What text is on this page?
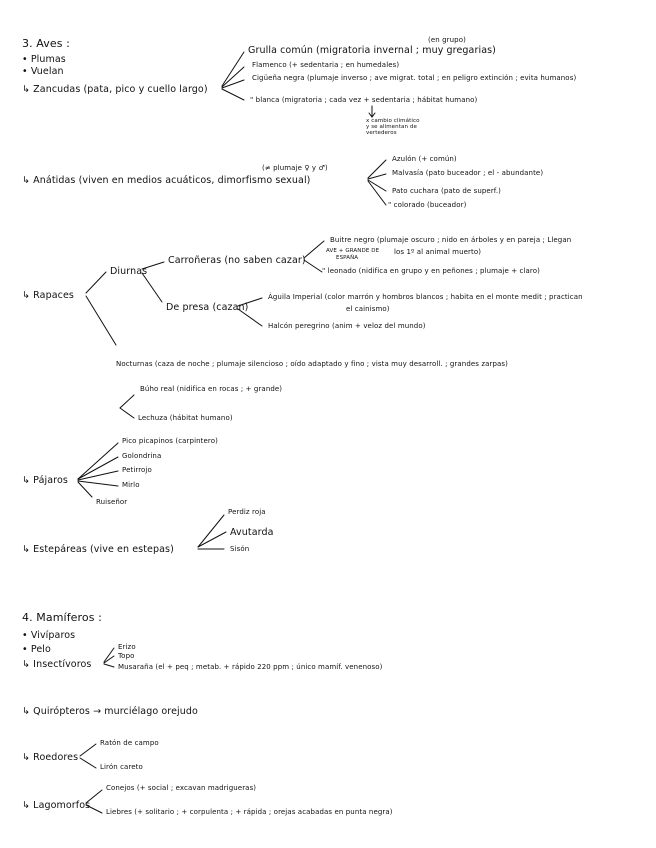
3. Aves :
• Plumas
• Vuelan
↳ Zancudas (pata, pico y cuello largo)
(en grupo)
Grulla común (migratoria invernal ; muy gregarias)
Flamenco (+ sedentaria ; en humedales)
Cigüeña negra (plumaje inverso ; ave migrat. total ; en peligro extinción ; evita humanos)
" blanca (migratoria ; cada vez + sedentaria ; hábitat humano)
x cambio climático
y se alimentan de
vertederos
(≠ plumaje ♀ y ♂)
↳ Anátidas (viven en medios acuáticos, dimorfismo sexual)
Azulón (+ común)
Malvasía (pato buceador ; el - abundante)
Pato cuchara (pato de superf.)
" colorado (buceador)
↳ Rapaces
Diurnas
Carroñeras (no saben cazar)
Buitre negro (plumaje oscuro ; nido en árboles y en pareja ; Llegan
AVE + GRANDE DE
ESPAÑA
los 1º al animal muerto)
" leonado (nidifica en grupo y en peñones ; plumaje + claro)
De presa (cazan)
Águila Imperial (color marrón y hombros blancos ; habita en el monte medit ; practican
el cainismo)
Halcón peregrino (anim + veloz del mundo)
Nocturnas (caza de noche ; plumaje silencioso ; oído adaptado y fino ; vista muy desarroll. ; grandes zarpas)
Búho real (nidifica en rocas ; + grande)
Lechuza (hábitat humano)
↳ Pájaros
Pico picapinos (carpintero)
Golondrina
Petirrojo
Mirlo
Ruiseñor
↳ Estepáreas (vive en estepas)
Perdiz roja
Avutarda
Sisón
4. Mamíferos :
• Vivíparos
• Pelo
↳ Insectívoros
Erizo
Topo
Musaraña (el + peq ; metab. + rápido 220 ppm ; único mamíf. venenoso)
↳ Quirópteros → murciélago orejudo
↳ Roedores
Ratón de campo
Lirón careto
↳ Lagomorfos
Conejos (+ social ; excavan madrigueras)
Liebres (+ solitario ; + corpulenta ; + rápida ; orejas acabadas en punta negra)
